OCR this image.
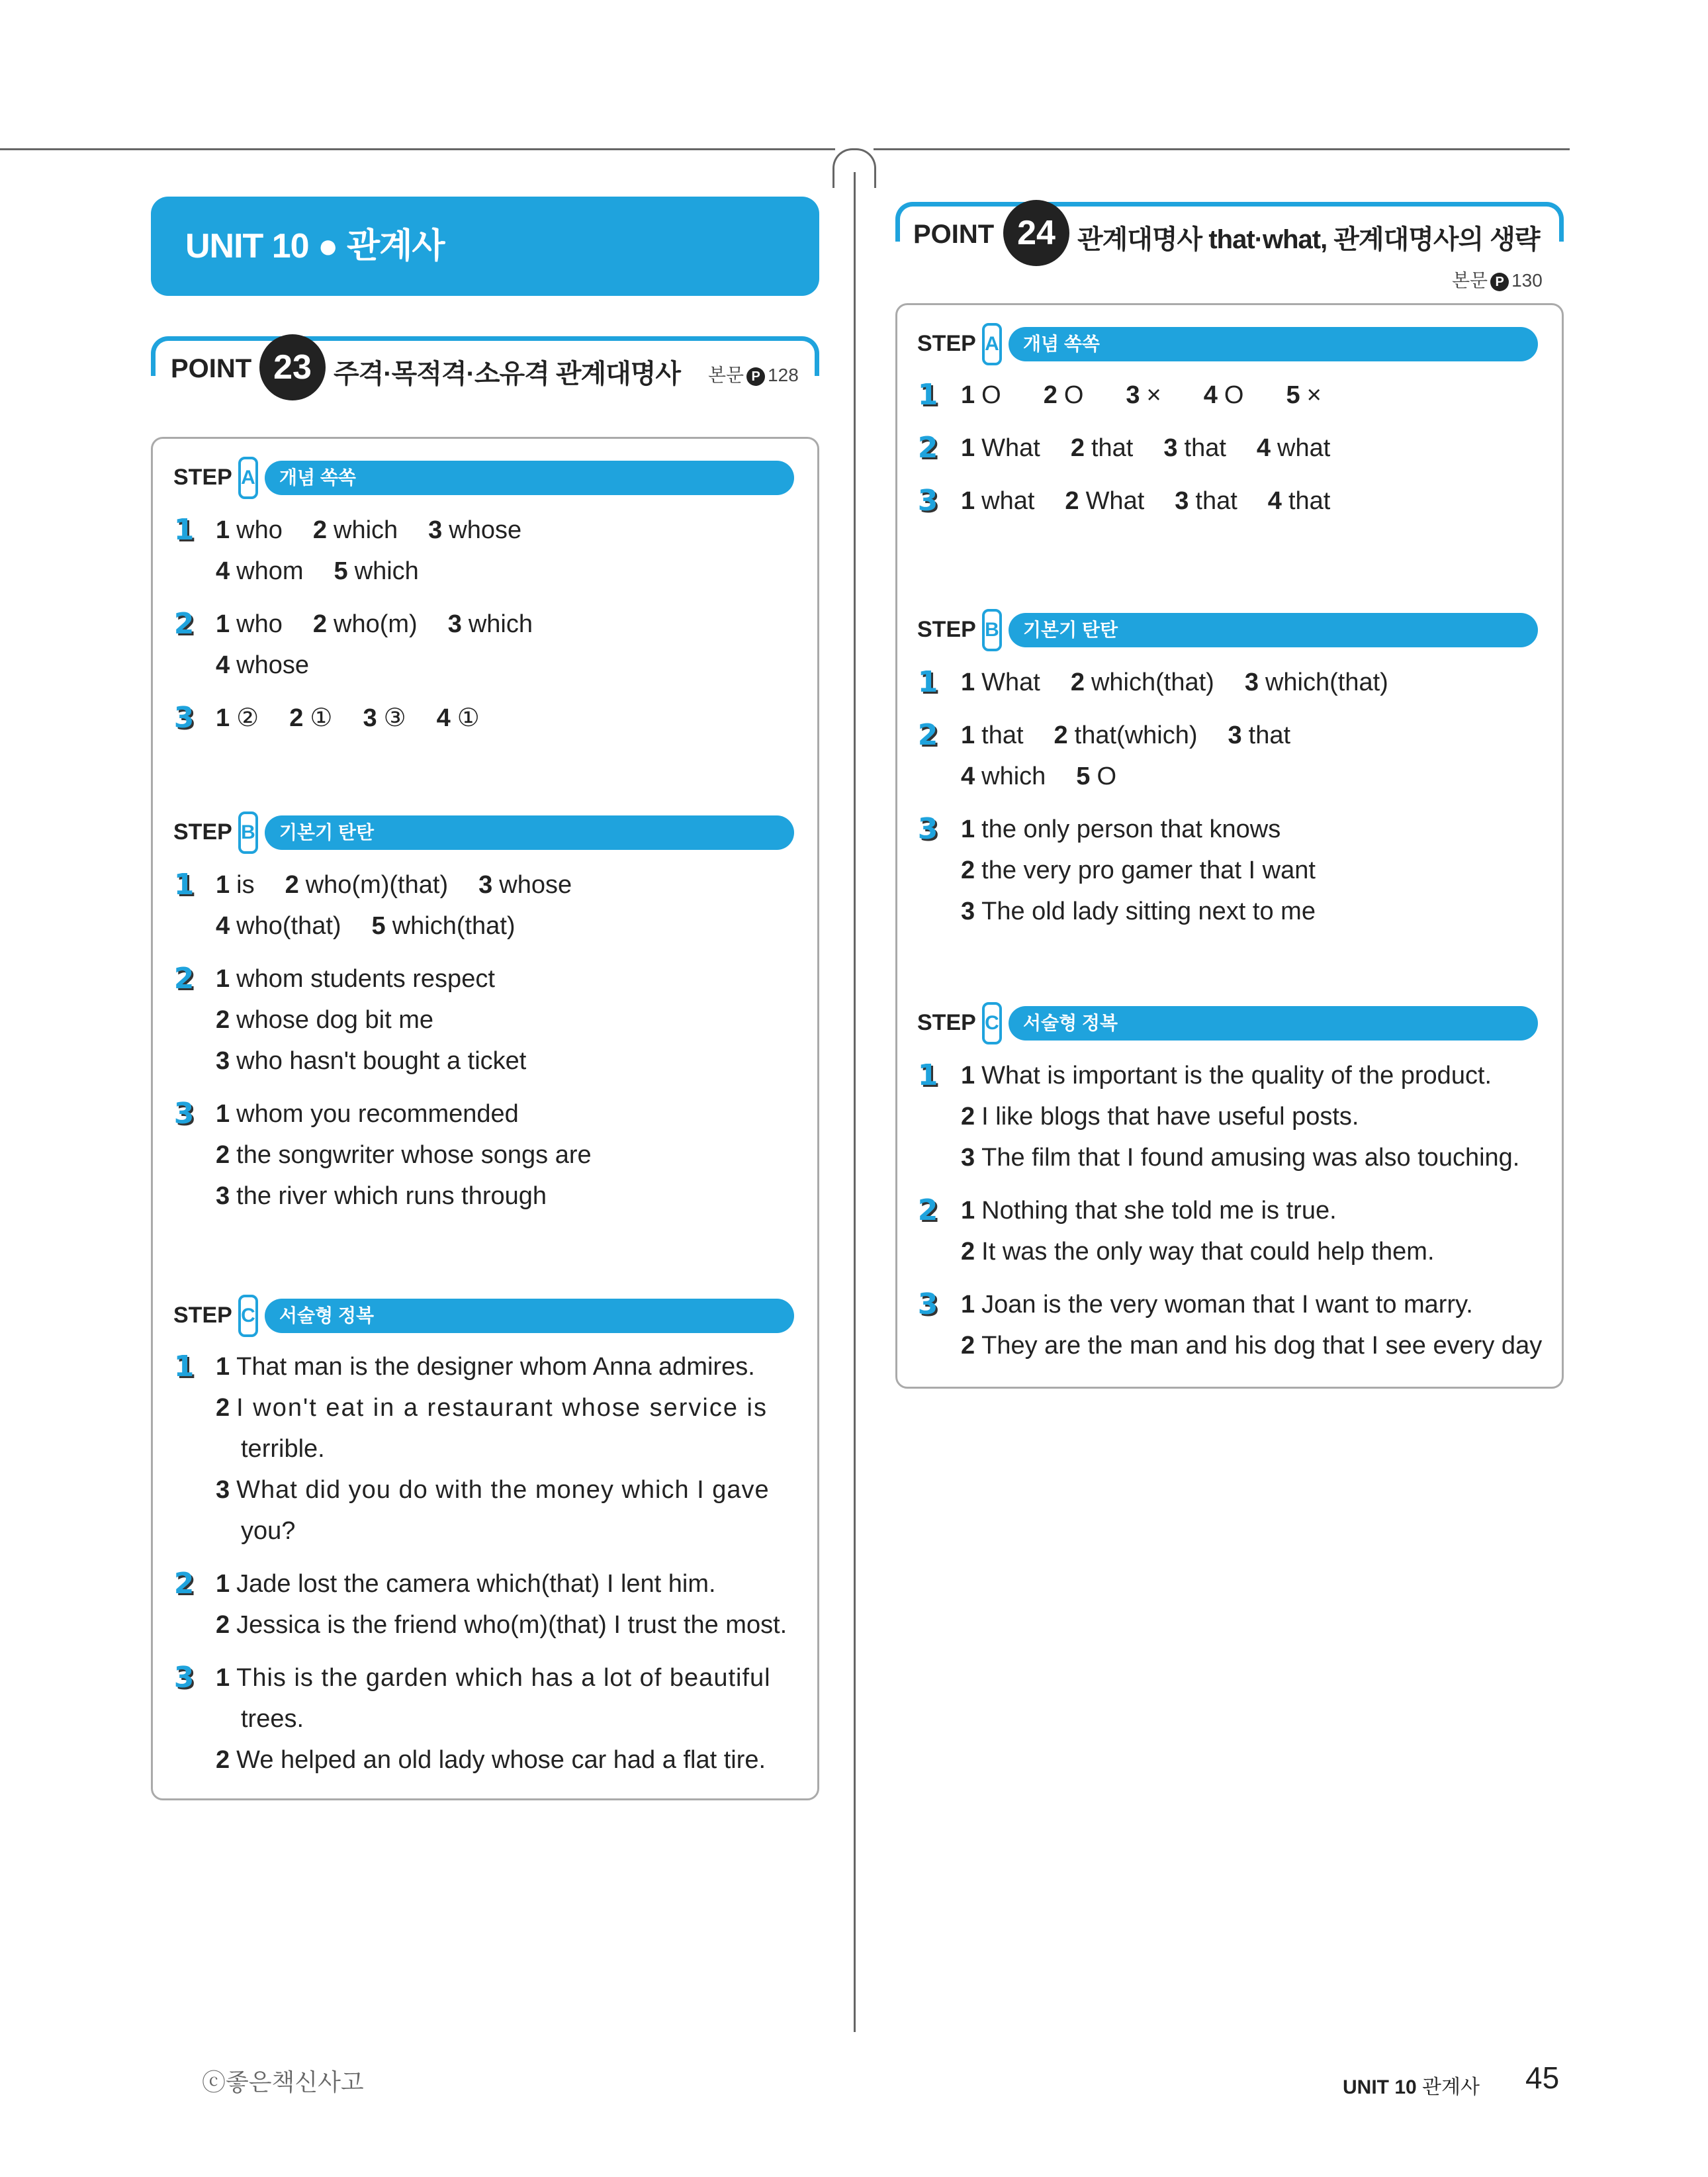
UNIT 10 ● 관계사
POINT 23 주격·목적격·소유격 관계대명사 본문 P 128
POINT 24 관계대명사 that·what, 관계대명사의 생략
본문 P 130
STEP A	개념 쏙쏙
1 1 who 2 which 3 whose
4 whom 5 which
2 1 who 2 who(m) 3 which
4 whose
3 1 ② 2 ① 3 ③ 4 ①
STEP B	기본기 탄탄
1 1 is 2 who(m)(that) 3 whose
4 who(that) 5 which(that)
2 1 whom students respect
2 whose dog bit me
3 who hasn't bought a ticket
3 1 whom you recommended
2 the songwriter whose songs are
3 the river which runs through
STEP C	서술형 정복
1 1 That man is the designer whom Anna admires.
2 I won't eat in a restaurant whose service is
terrible.
3 What did you do with the money which I gave
you?
2 1 Jade lost the camera which(that) I lent him.
2 Jessica is the friend who(m)(that) I trust the most.
3 1 This is the garden which has a lot of beautiful
trees.
2 We helped an old lady whose car had a flat tire.
STEP A	개념 쏙쏙
1 1 O 2 O 3 × 4 O 5 ×
2 1 What 2 that 3 that 4 what
3 1 what 2 What 3 that 4 that
STEP B	기본기 탄탄
1 1 What 2 which(that) 3 which(that)
2 1 that 2 that(which) 3 that
4 which 5 O
3 1 the only person that knows
2 the very pro gamer that I want
3 The old lady sitting next to me
STEP C	서술형 정복
1 1 What is important is the quality of the product.
2 I like blogs that have useful posts.
3 The film that I found amusing was also touching.
2 1 Nothing that she told me is true.
2 It was the only way that could help them.
3 1 Joan is the very woman that I want to marry.
2 They are the man and his dog that I see every day
ⓒ좋은책신사고	UNIT 10 관계사 45
